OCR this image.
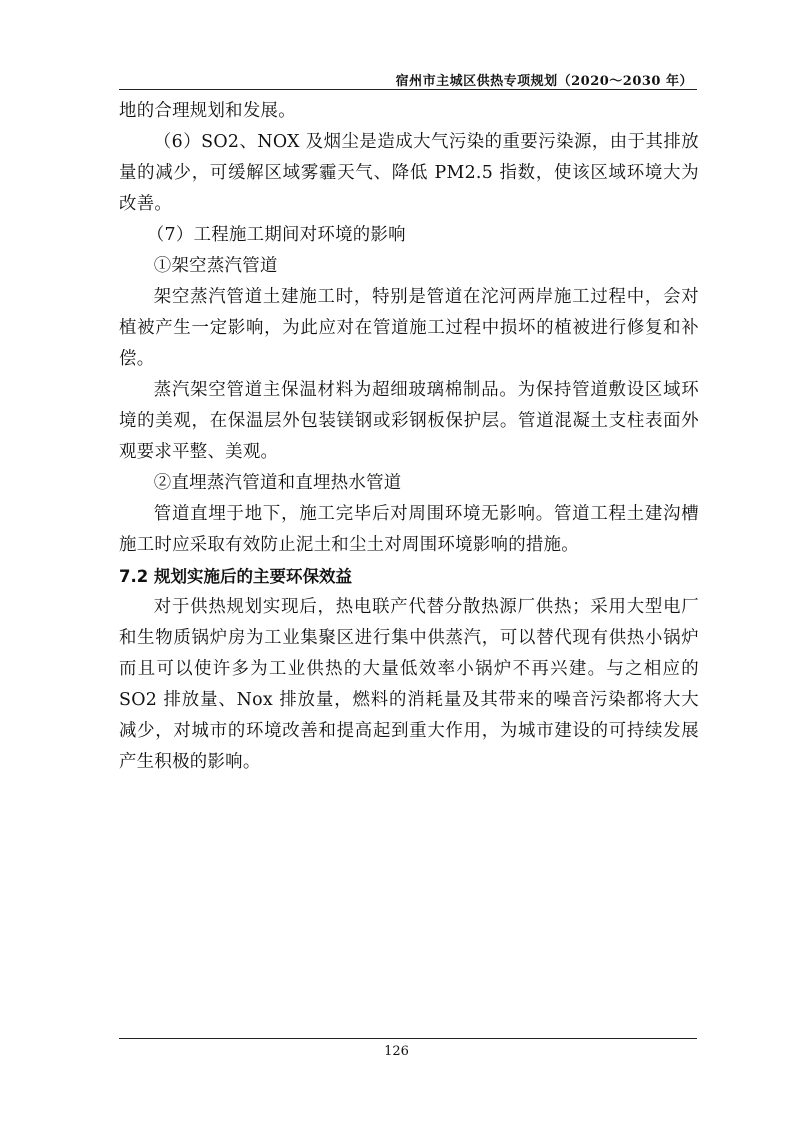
宿州市主城区供热专项规划（2020～2030 年）

地的合理规划和发展。

（6）SO2、NOX 及烟尘是造成大气污染的重要污染源，由于其排放量的减少，可缓解区域雾霾天气、降低 PM2.5 指数，使该区域环境大为改善。

（7）工程施工期间对环境的影响

①架空蒸汽管道

架空蒸汽管道土建施工时，特别是管道在沱河两岸施工过程中，会对植被产生一定影响，为此应对在管道施工过程中损坏的植被进行修复和补偿。

蒸汽架空管道主保温材料为超细玻璃棉制品。为保持管道敷设区域环境的美观，在保温层外包装镁钢或彩钢板保护层。管道混凝土支柱表面外观要求平整、美观。

②直埋蒸汽管道和直埋热水管道

管道直埋于地下，施工完毕后对周围环境无影响。管道工程土建沟槽施工时应采取有效防止泥土和尘土对周围环境影响的措施。

7.2 规划实施后的主要环保效益

对于供热规划实现后，热电联产代替分散热源厂供热；采用大型电厂和生物质锅炉房为工业集聚区进行集中供蒸汽，可以替代现有供热小锅炉 而且可以使许多为工业供热的大量低效率小锅炉不再兴建。与之相应的 SO2 排放量、Nox 排放量，燃料的消耗量及其带来的噪音污染都将大大减少，对城市的环境改善和提高起到重大作用，为城市建设的可持续发展产生积极的影响。

126
